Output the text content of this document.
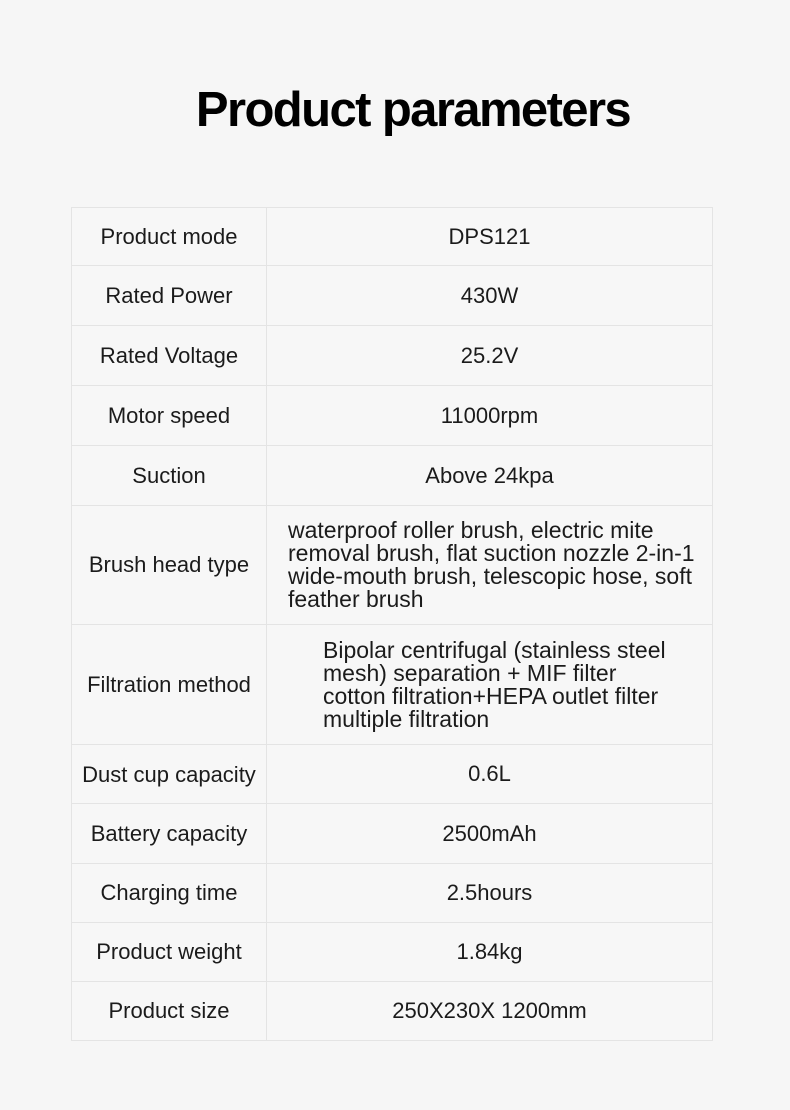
Product parameters
Product mode	DPS121
Rated Power	430W
Rated Voltage	25.2V
Motor speed	11000rpm
Suction	Above 24kpa
Brush head type	waterproof roller brush, electric mite removal brush, flat suction nozzle 2-in-1 wide-mouth brush, telescopic hose, soft feather brush
Filtration method	Bipolar centrifugal (stainless steel mesh) separation + MIF filter cotton filtration+HEPA outlet filter multiple filtration
Dust cup capacity	0.6L
Battery capacity	2500mAh
Charging time	2.5hours
Product weight	1.84kg
Product size	250X230X 1200mm
